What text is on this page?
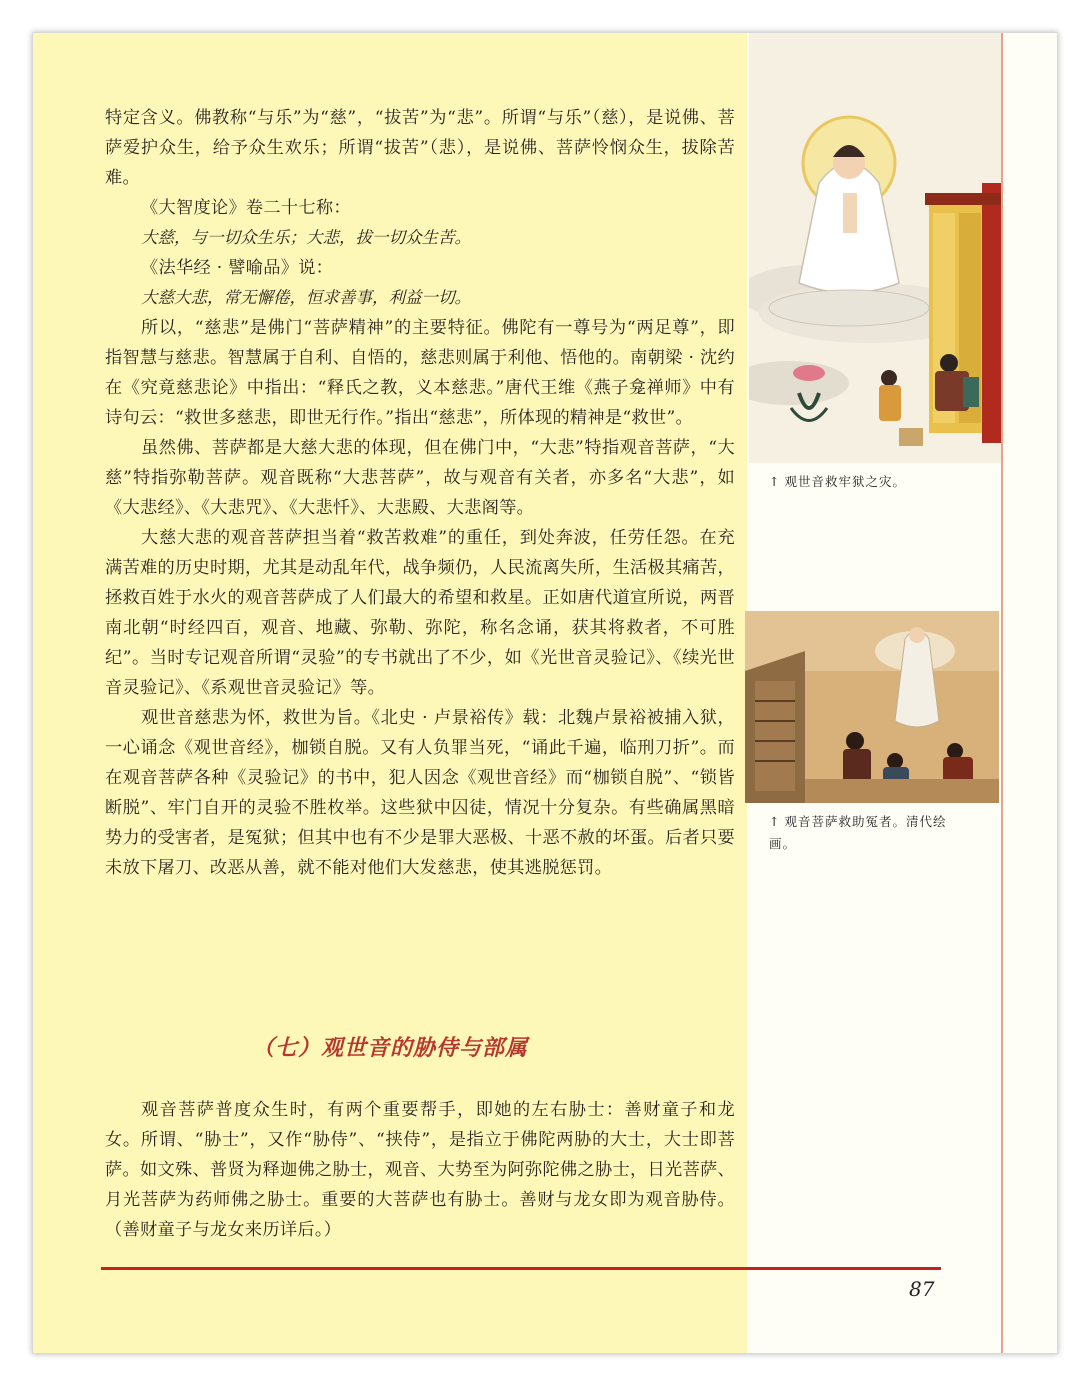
特定含义。佛教称“与乐”为“慈”，“拔苦”为“悲”。所谓“与乐”（慈），是说佛、菩萨爱护众生，给予众生欢乐；所谓“拔苦”（悲），是说佛、菩萨怜悯众生，拔除苦难。

《大智度论》卷二十七称：

大慈，与一切众生乐；大悲，拔一切众生苦。

《法华经 · 譬喻品》说：

大慈大悲，常无懈倦，恒求善事，利益一切。

所以，“慈悲”是佛门“菩萨精神”的主要特征。佛陀有一尊号为“两足尊”，即指智慧与慈悲。智慧属于自利、自悟的，慈悲则属于利他、悟他的。南朝梁 · 沈约在《究竟慈悲论》中指出：“释氏之教，义本慈悲。”唐代王维《燕子龛禅师》中有诗句云：“救世多慈悲，即世无行作。”指出“慈悲”，所体现的精神是“救世”。

虽然佛、菩萨都是大慈大悲的体现，但在佛门中，“大悲”特指观音菩萨，“大慈”特指弥勒菩萨。观音既称“大悲菩萨”，故与观音有关者，亦多名“大悲”，如《大悲经》、《大悲咒》、《大悲忏》、大悲殿、大悲阁等。

大慈大悲的观音菩萨担当着“救苦救难”的重任，到处奔波，任劳任怨。在充满苦难的历史时期，尤其是动乱年代，战争频仍，人民流离失所，生活极其痛苦，拯救百姓于水火的观音菩萨成了人们最大的希望和救星。正如唐代道宣所说，两晋南北朝“时经四百，观音、地藏、弥勒、弥陀，称名念诵，获其将救者，不可胜纪”。当时专记观音所谓“灵验”的专书就出了不少，如《光世音灵验记》、《续光世音灵验记》、《系观世音灵验记》等。

观世音慈悲为怀，救世为旨。《北史 · 卢景裕传》载：北魏卢景裕被捕入狱，一心诵念《观世音经》，枷锁自脱。又有人负罪当死，“诵此千遍，临刑刀折”。而在观音菩萨各种《灵验记》的书中，犯人因念《观世音经》而“枷锁自脱”、“锁皆断脱”、牢门自开的灵验不胜枚举。这些狱中囚徒，情况十分复杂。有些确属黑暗势力的受害者，是冤狱；但其中也有不少是罪大恶极、十恶不赦的坏蛋。后者只要未放下屠刀、改恶从善，就不能对他们大发慈悲，使其逃脱惩罚。

（七）观世音的胁侍与部属

观音菩萨普度众生时，有两个重要帮手，即她的左右胁士：善财童子和龙女。所谓、“胁士”，又作“胁侍”、“挟侍”，是指立于佛陀两胁的大士，大士即菩萨。如文殊、普贤为释迦佛之胁士，观音、大势至为阿弥陀佛之胁士，日光菩萨、月光菩萨为药师佛之胁士。重要的大菩萨也有胁士。善财与龙女即为观音胁侍。（善财童子与龙女来历详后。）

87
↑ 观世音救牢狱之灾。
↑ 观音菩萨救助冤者。清代绘画。
